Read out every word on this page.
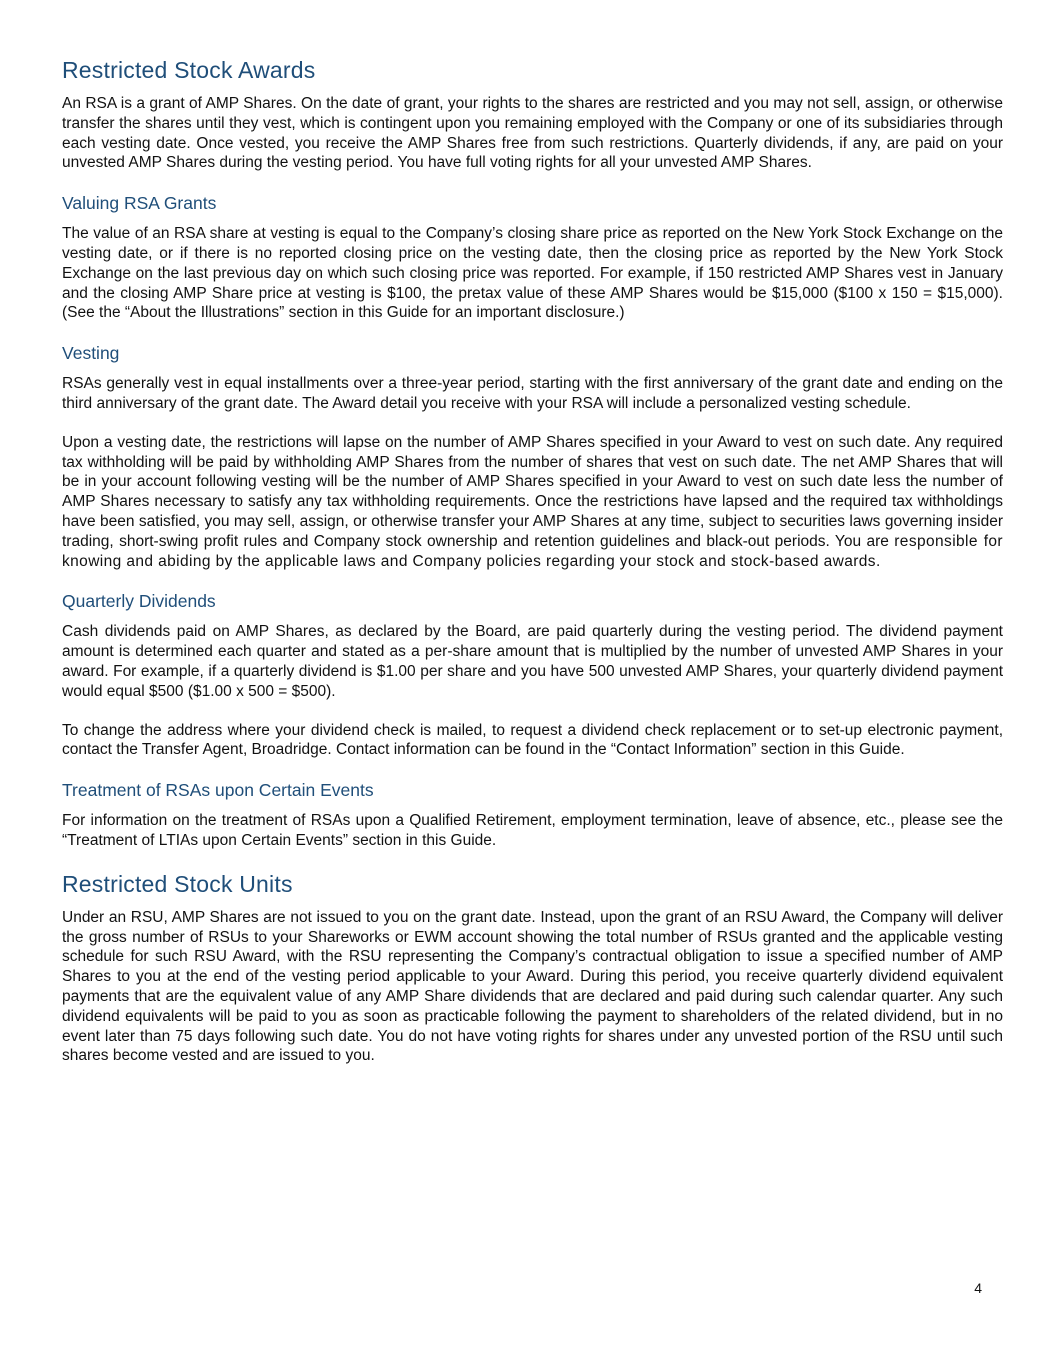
Restricted Stock Awards

An RSA is a grant of AMP Shares. On the date of grant, your rights to the shares are restricted and you may not sell, assign, or otherwise transfer the shares until they vest, which is contingent upon you remaining employed with the Company or one of its subsidiaries through each vesting date. Once vested, you receive the AMP Shares free from such restrictions. Quarterly dividends, if any, are paid on your unvested AMP Shares during the vesting period. You have full voting rights for all your unvested AMP Shares.

Valuing RSA Grants

The value of an RSA share at vesting is equal to the Company’s closing share price as reported on the New York Stock Exchange on the vesting date, or if there is no reported closing price on the vesting date, then the closing price as reported by the New York Stock Exchange on the last previous day on which such closing price was reported. For example, if 150 restricted AMP Shares vest in January and the closing AMP Share price at vesting is $100, the pretax value of these AMP Shares would be $15,000 ($100 x 150 = $15,000). (See the “About the Illustrations” section in this Guide for an important disclosure.)

Vesting

RSAs generally vest in equal installments over a three-year period, starting with the first anniversary of the grant date and ending on the third anniversary of the grant date. The Award detail you receive with your RSA will include a personalized vesting schedule.

Upon a vesting date, the restrictions will lapse on the number of AMP Shares specified in your Award to vest on such date. Any required tax withholding will be paid by withholding AMP Shares from the number of shares that vest on such date. The net AMP Shares that will be in your account following vesting will be the number of AMP Shares specified in your Award to vest on such date less the number of AMP Shares necessary to satisfy any tax withholding requirements. Once the restrictions have lapsed and the required tax withholdings have been satisfied, you may sell, assign, or otherwise transfer your AMP Shares at any time, subject to securities laws governing insider trading, short-swing profit rules and Company stock ownership and retention guidelines and black-out periods. You are responsible for knowing and abiding by the applicable laws and Company policies regarding your stock and stock-based awards.

Quarterly Dividends

Cash dividends paid on AMP Shares, as declared by the Board, are paid quarterly during the vesting period. The dividend payment amount is determined each quarter and stated as a per-share amount that is multiplied by the number of unvested AMP Shares in your award. For example, if a quarterly dividend is $1.00 per share and you have 500 unvested AMP Shares, your quarterly dividend payment would equal $500 ($1.00 x 500 = $500).

To change the address where your dividend check is mailed, to request a dividend check replacement or to set-up electronic payment, contact the Transfer Agent, Broadridge. Contact information can be found in the “Contact Information” section in this Guide.

Treatment of RSAs upon Certain Events

For information on the treatment of RSAs upon a Qualified Retirement, employment termination, leave of absence, etc., please see the “Treatment of LTIAs upon Certain Events” section in this Guide.

Restricted Stock Units

Under an RSU, AMP Shares are not issued to you on the grant date. Instead, upon the grant of an RSU Award, the Company will deliver the gross number of RSUs to your Shareworks or EWM account showing the total number of RSUs granted and the applicable vesting schedule for such RSU Award, with the RSU representing the Company’s contractual obligation to issue a specified number of AMP Shares to you at the end of the vesting period applicable to your Award. During this period, you receive quarterly dividend equivalent payments that are the equivalent value of any AMP Share dividends that are declared and paid during such calendar quarter. Any such dividend equivalents will be paid to you as soon as practicable following the payment to shareholders of the related dividend, but in no event later than 75 days following such date. You do not have voting rights for shares under any unvested portion of the RSU until such shares become vested and are issued to you.

4
